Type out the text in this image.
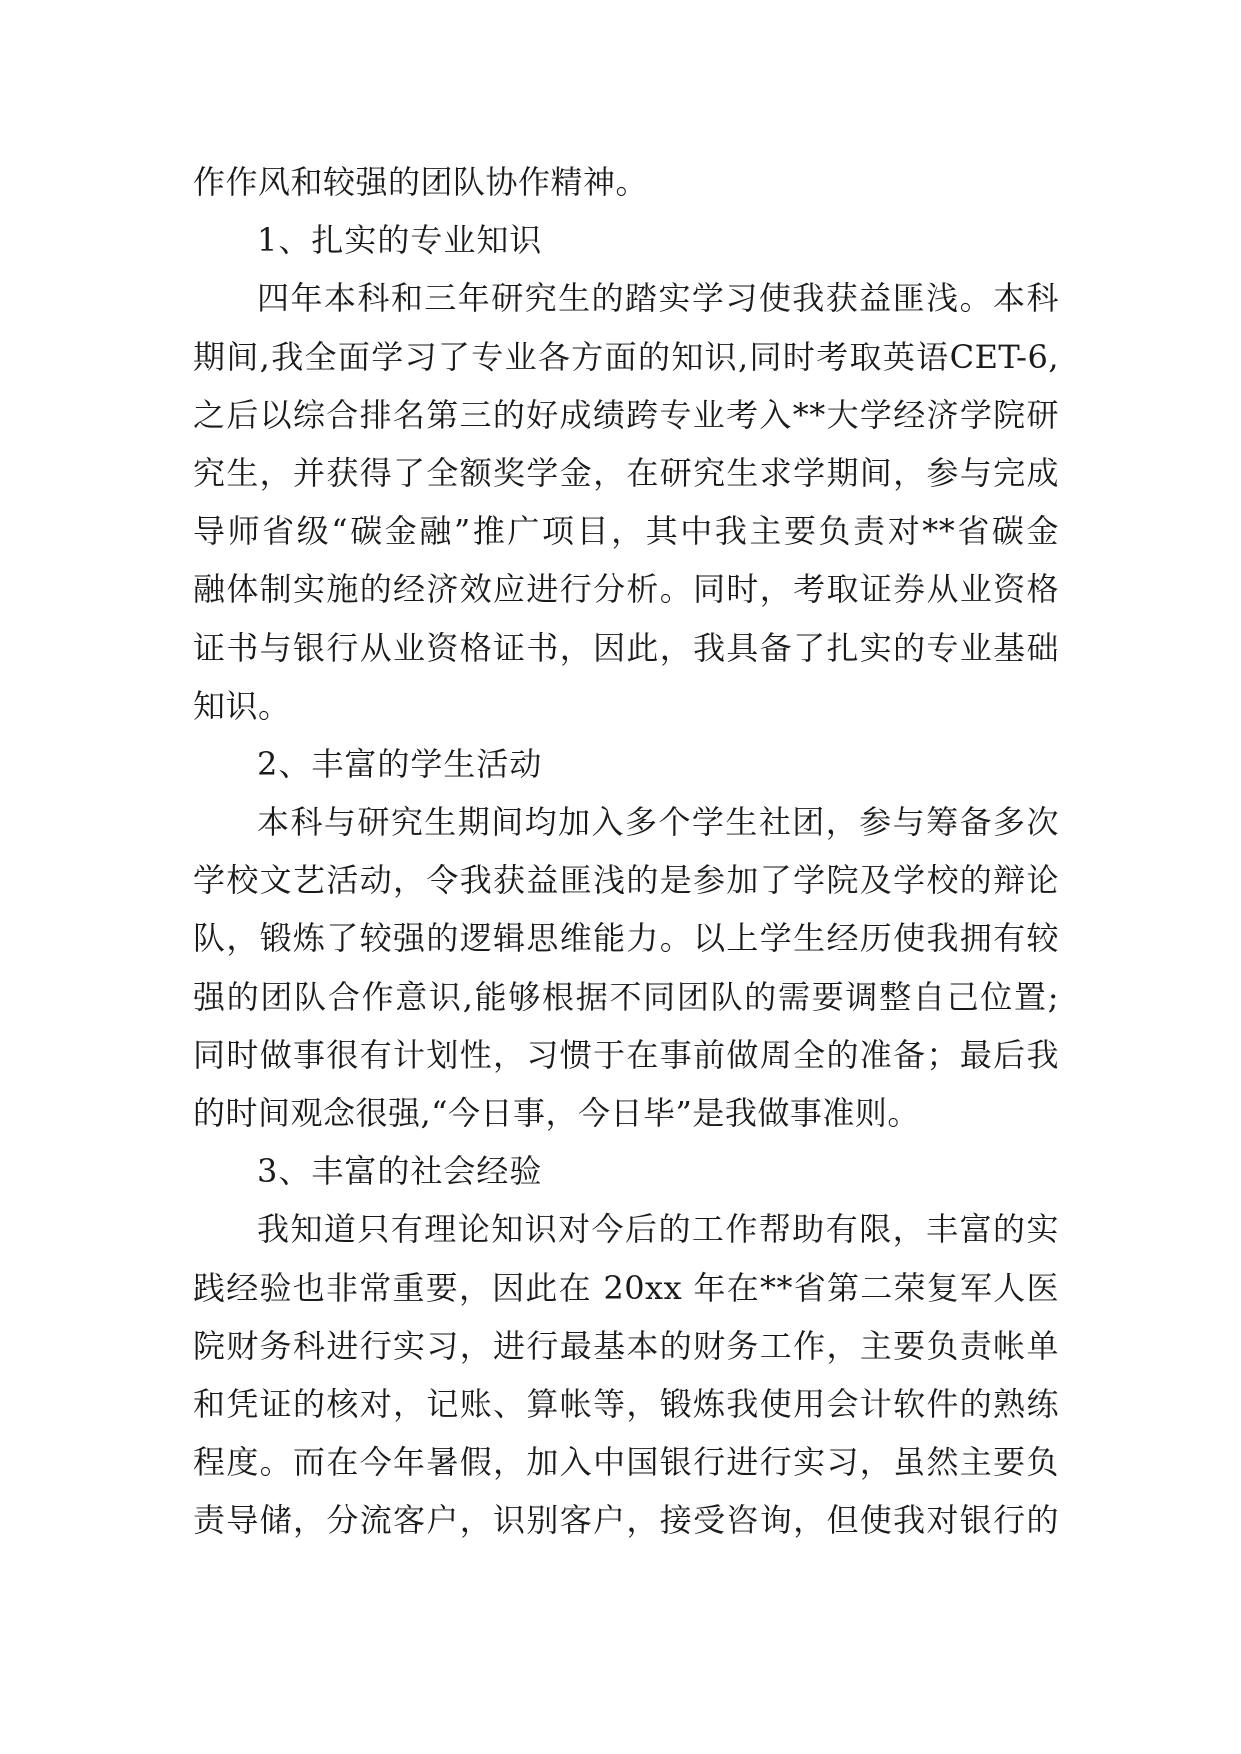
作作风和较强的团队协作精神。
1、扎实的专业知识
四年本科和三年研究生的踏实学习使我获益匪浅。本科
期间,我全面学习了专业各方面的知识,同时考取英语CET-6,
之后以综合排名第三的好成绩跨专业考入**大学经济学院研
究生，并获得了全额奖学金，在研究生求学期间，参与完成
导师省级“碳金融”推广项目，其中我主要负责对**省碳金
融体制实施的经济效应进行分析。同时，考取证券从业资格
证书与银行从业资格证书，因此，我具备了扎实的专业基础
知识。
2、丰富的学生活动
本科与研究生期间均加入多个学生社团，参与筹备多次
学校文艺活动，令我获益匪浅的是参加了学院及学校的辩论
队，锻炼了较强的逻辑思维能力。以上学生经历使我拥有较
强的团队合作意识,能够根据不同团队的需要调整自己位置;
同时做事很有计划性，习惯于在事前做周全的准备；最后我
的时间观念很强,“今日事，今日毕”是我做事准则。
3、丰富的社会经验
我知道只有理论知识对今后的工作帮助有限，丰富的实
践经验也非常重要，因此在 20xx 年在**省第二荣复军人医
院财务科进行实习，进行最基本的财务工作，主要负责帐单
和凭证的核对，记账、算帐等，锻炼我使用会计软件的熟练
程度。而在今年暑假，加入中国银行进行实习，虽然主要负
责导储，分流客户，识别客户，接受咨询，但使我对银行的
